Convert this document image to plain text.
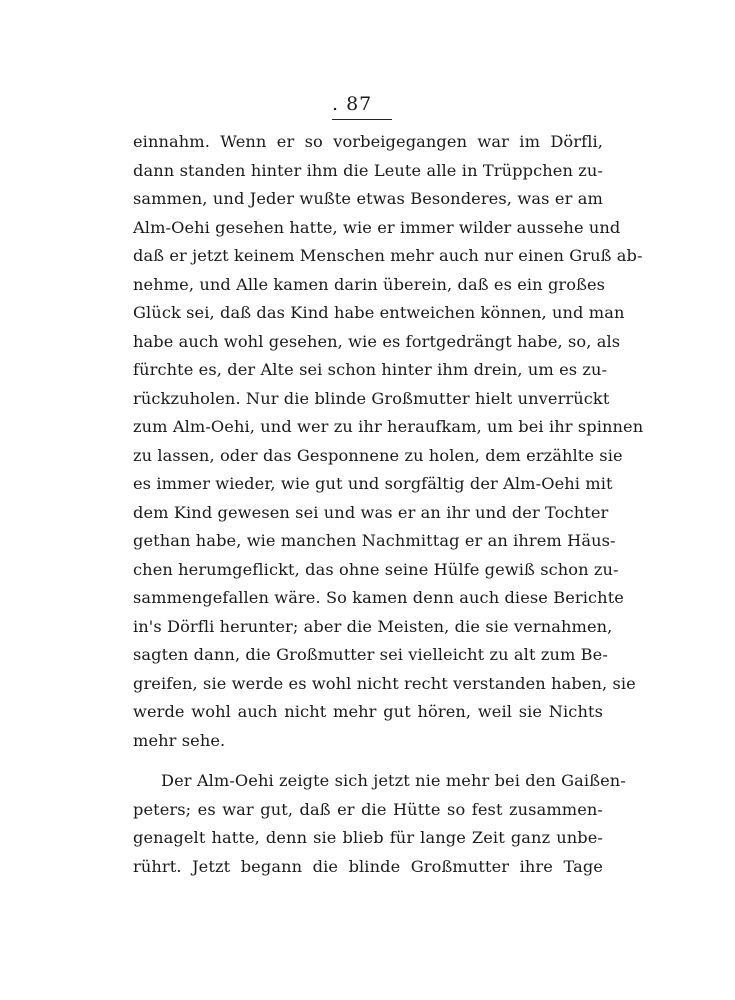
. 87
einnahm. Wenn er so vorbeigegangen war im Dörfli,
dann standen hinter ihm die Leute alle in Trüppchen zu-
sammen, und Jeder wußte etwas Besonderes, was er am
Alm-Oehi gesehen hatte, wie er immer wilder aussehe und
daß er jetzt keinem Menschen mehr auch nur einen Gruß ab-
nehme, und Alle kamen darin überein, daß es ein großes
Glück sei, daß das Kind habe entweichen können, und man
habe auch wohl gesehen, wie es fortgedrängt habe, so, als
fürchte es, der Alte sei schon hinter ihm drein, um es zu-
rückzuholen. Nur die blinde Großmutter hielt unverrückt
zum Alm-Oehi, und wer zu ihr heraufkam, um bei ihr spinnen
zu lassen, oder das Gesponnene zu holen, dem erzählte sie
es immer wieder, wie gut und sorgfältig der Alm-Oehi mit
dem Kind gewesen sei und was er an ihr und der Tochter
gethan habe, wie manchen Nachmittag er an ihrem Häus-
chen herumgeflickt, das ohne seine Hülfe gewiß schon zu-
sammengefallen wäre. So kamen denn auch diese Berichte
in's Dörfli herunter; aber die Meisten, die sie vernahmen,
sagten dann, die Großmutter sei vielleicht zu alt zum Be-
greifen, sie werde es wohl nicht recht verstanden haben, sie
werde wohl auch nicht mehr gut hören, weil sie Nichts
mehr sehe.
Der Alm-Oehi zeigte sich jetzt nie mehr bei den Gaißen-
peters; es war gut, daß er die Hütte so fest zusammen-
genagelt hatte, denn sie blieb für lange Zeit ganz unbe-
rührt. Jetzt begann die blinde Großmutter ihre Tage
